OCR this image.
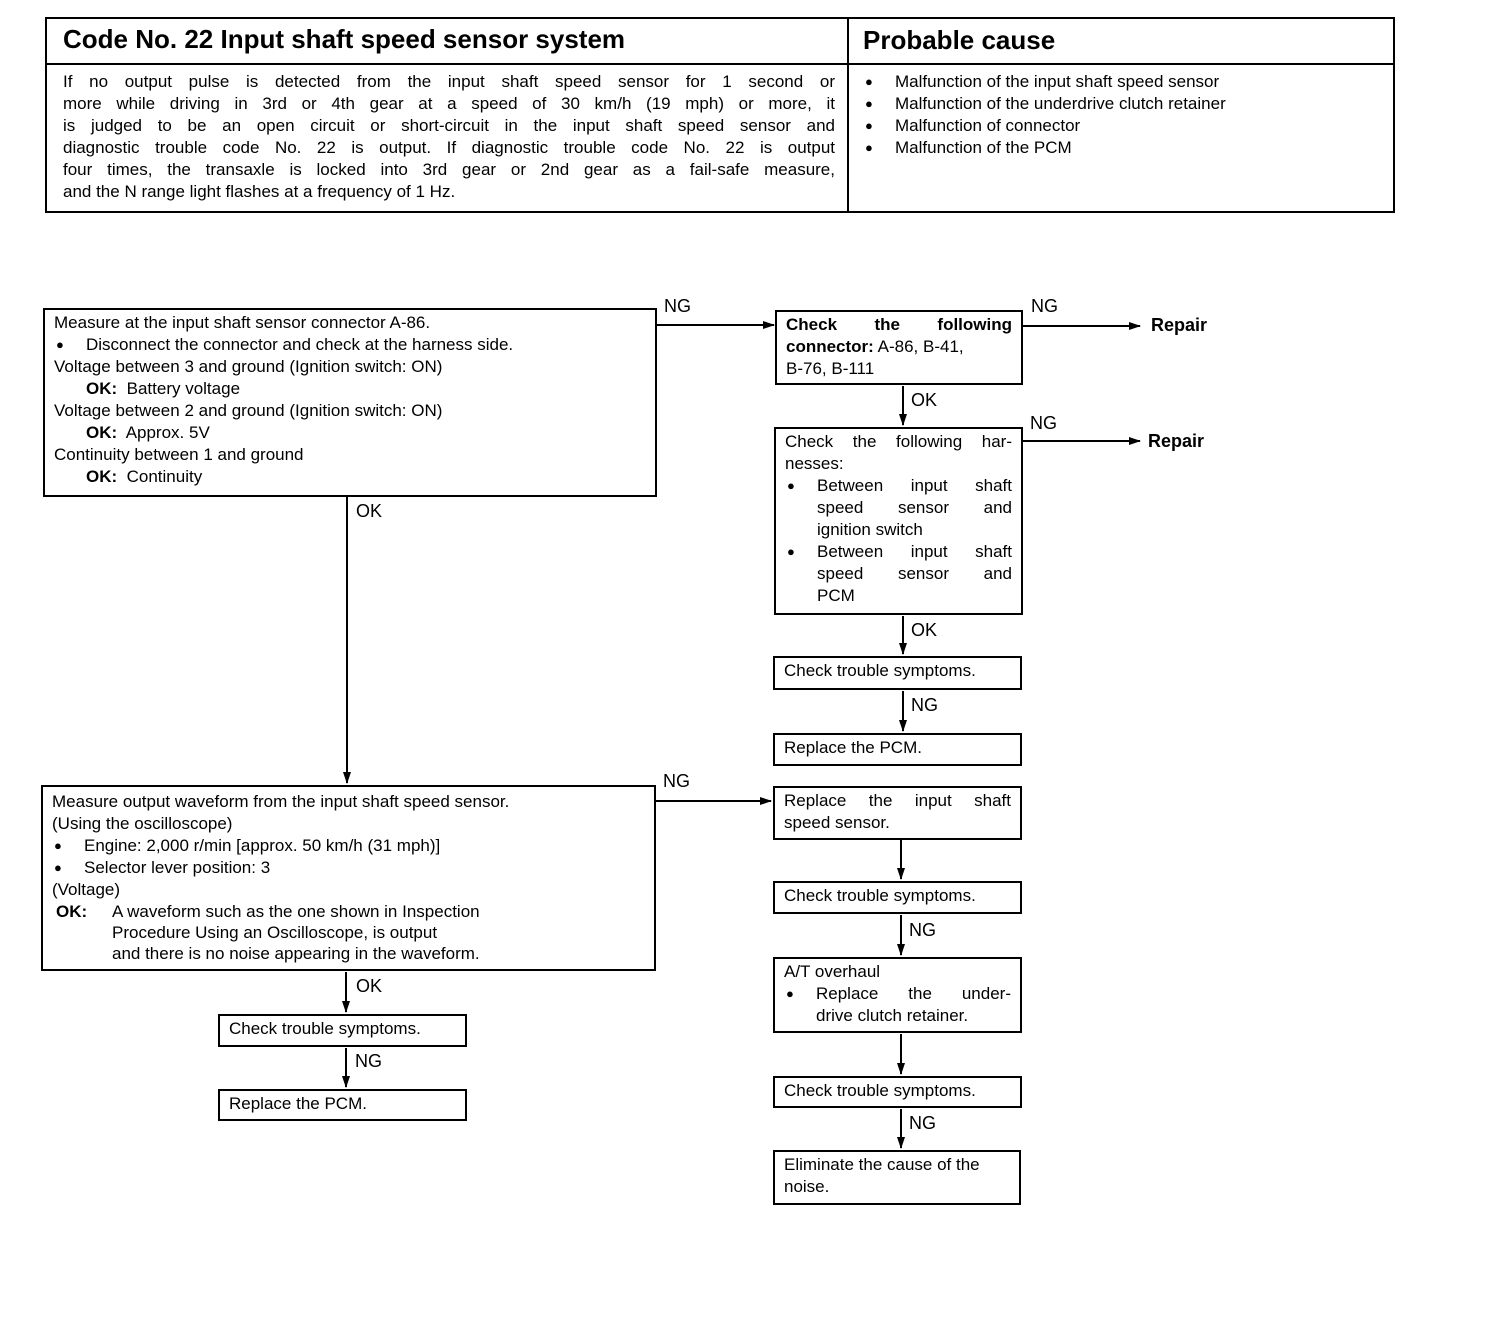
Code No. 22 Input shaft speed sensor system	Probable cause
If no output pulse is detected from the input shaft speed sensor for 1 second or
more while driving in 3rd or 4th gear at a speed of 30 km/h (19 mph) or more, it
is judged to be an open circuit or short-circuit in the input shaft speed sensor and
diagnostic trouble code No. 22 is output. If diagnostic trouble code No. 22 is output
four times, the transaxle is locked into 3rd gear or 2nd gear as a fail-safe measure,
and the N range light flashes at a frequency of 1 Hz.
● Malfunction of the input shaft speed sensor
● Malfunction of the underdrive clutch retainer
● Malfunction of connector
● Malfunction of the PCM
Measure at the input shaft sensor connector A-86.
● Disconnect the connector and check at the harness side.
Voltage between 3 and ground (Ignition switch: ON)
OK: Battery voltage
Voltage between 2 and ground (Ignition switch: ON)
OK: Approx. 5V
Continuity between 1 and ground
OK: Continuity
Check the following
connector: A-86, B-41,
B-76, B-111
Check the following har-
nesses:
● Between input shaft
speed sensor and
ignition switch
● Between input shaft
speed sensor and
PCM
Check trouble symptoms.
Replace the PCM.
Measure output waveform from the input shaft speed sensor.
(Using the oscilloscope)
● Engine: 2,000 r/min [approx. 50 km/h (31 mph)]
● Selector lever position: 3
(Voltage)
OK: A waveform such as the one shown in Inspection
Procedure Using an Oscilloscope, is output
and there is no noise appearing in the waveform.
Replace the input shaft
speed sensor.
Check trouble symptoms.
A/T overhaul
● Replace the under-
drive clutch retainer.
Check trouble symptoms.
Eliminate the cause of the
noise.
Check trouble symptoms.
Replace the PCM.
NG	NG
OK
NG
OK
NG
NG
NG
OK
OK
NG
NG
Repair
Repair
